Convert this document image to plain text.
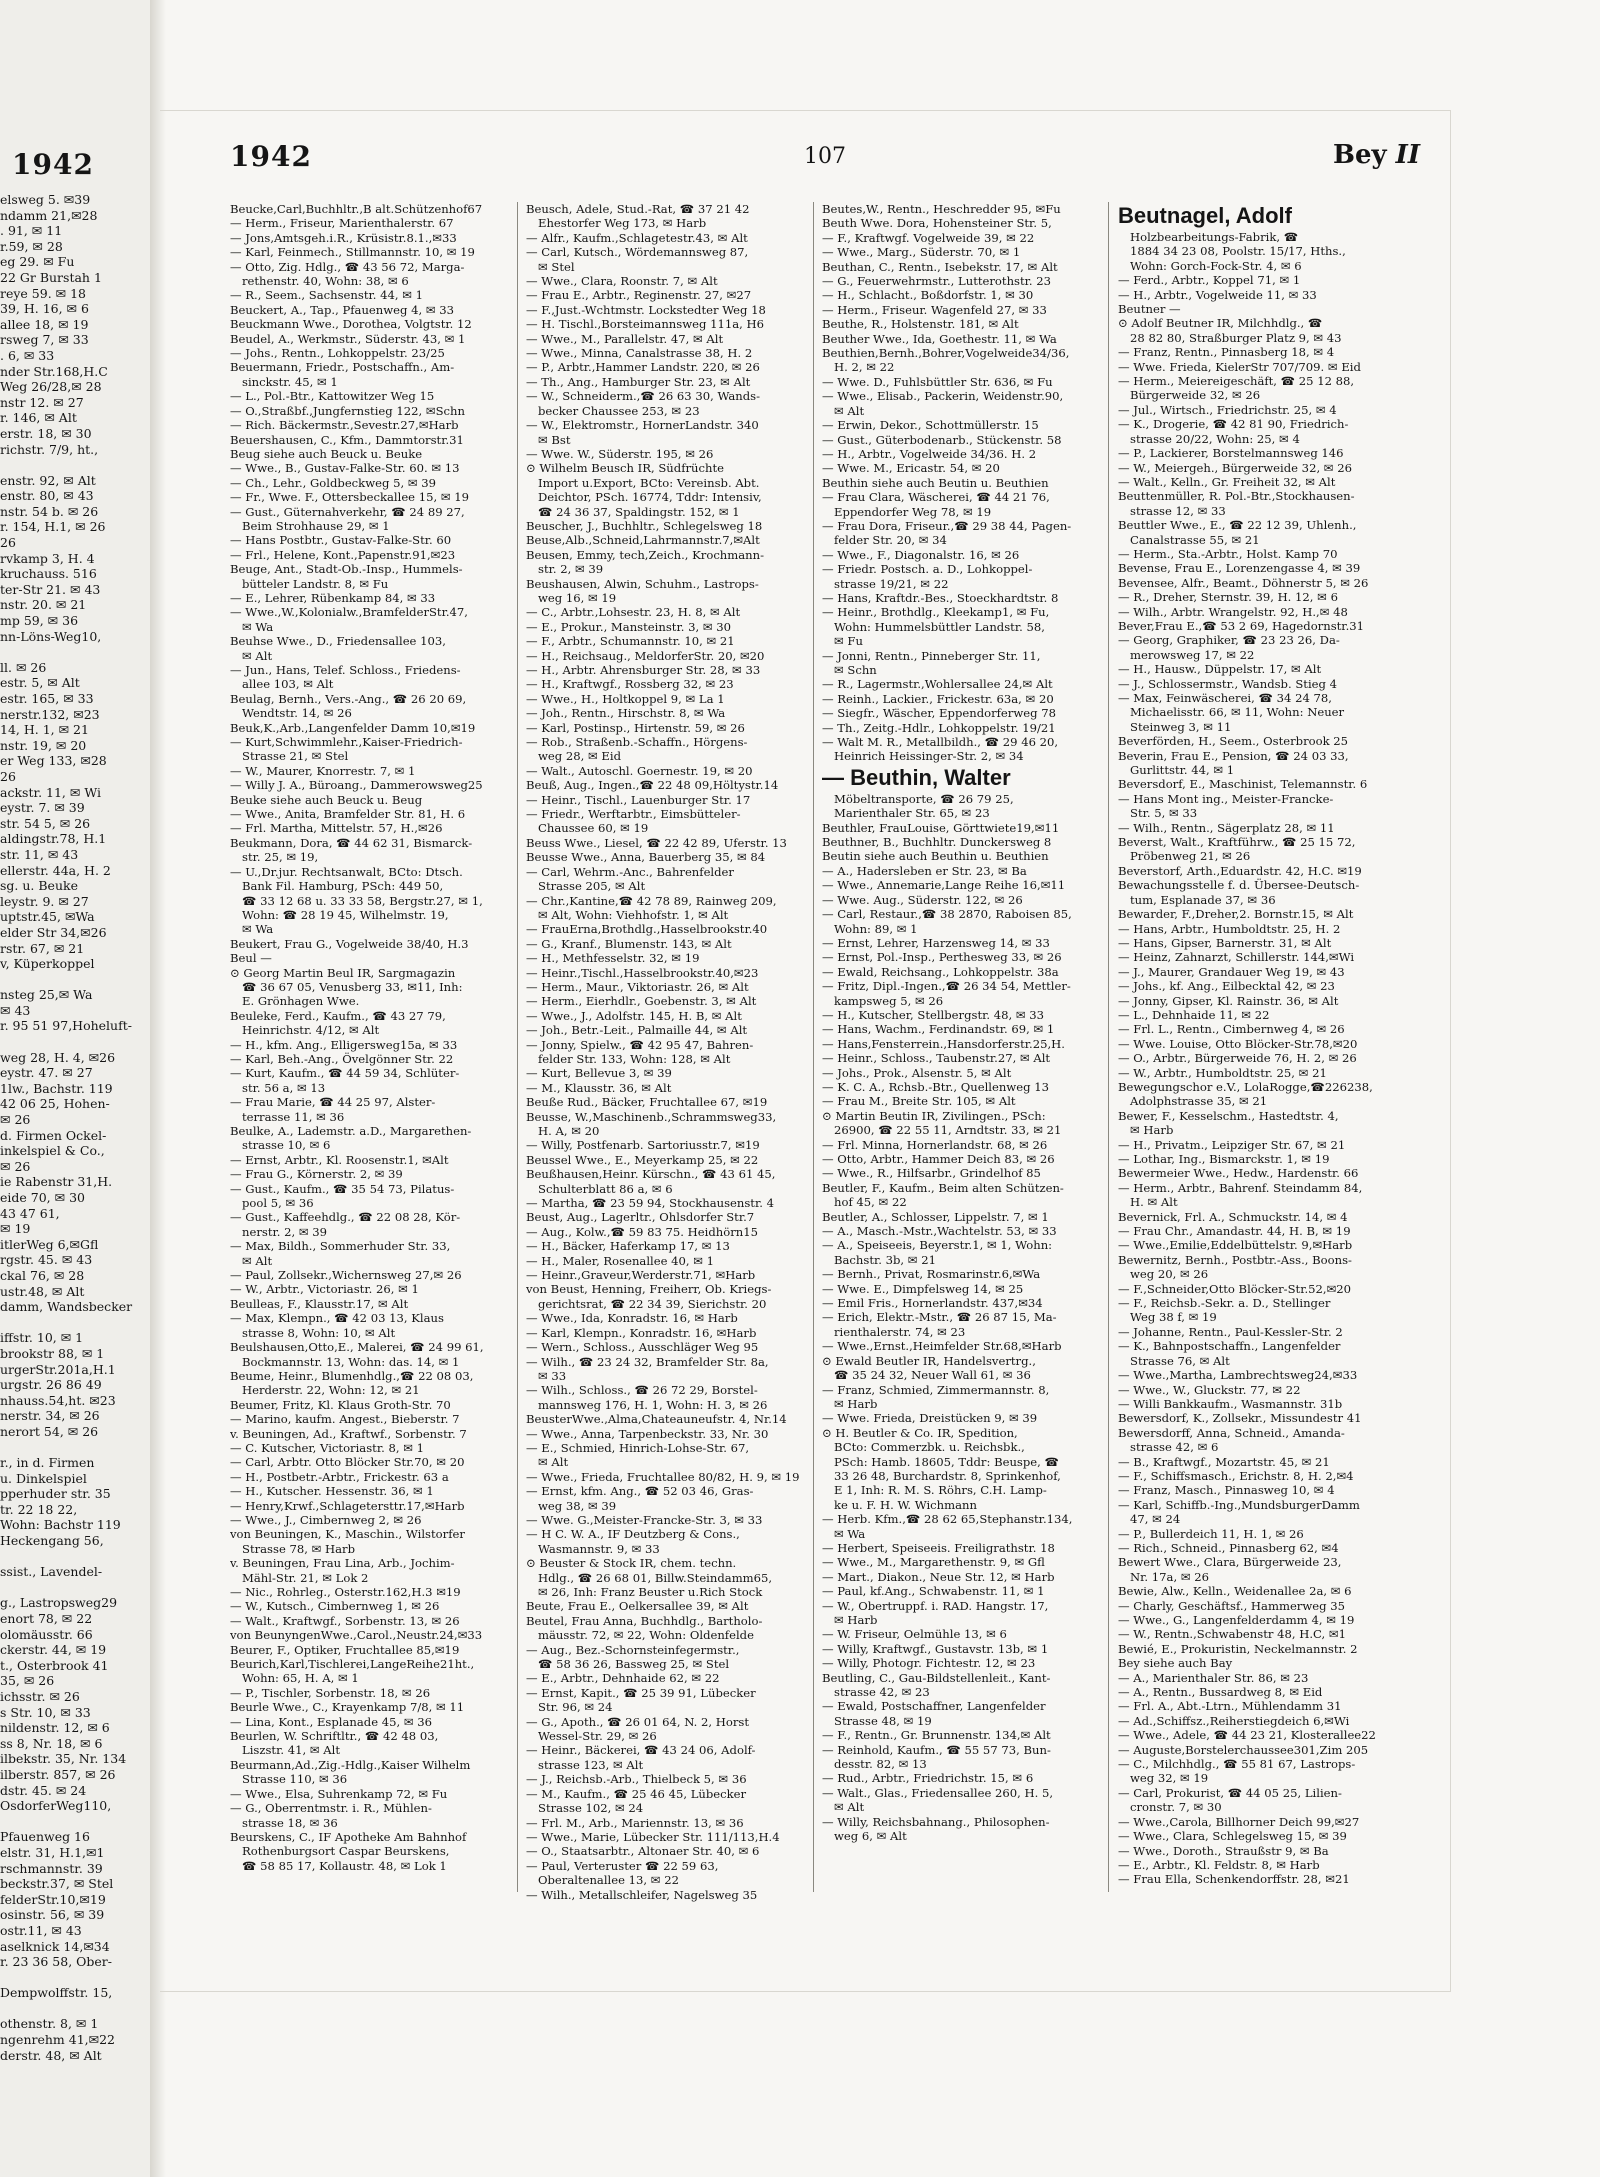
1942
elsweg 5. ✉39
ndamm 21,✉28
. 91, ✉ 11
r.59, ✉ 28
eg 29. ✉ Fu
22 Gr Burstah 1
reye 59. ✉ 18
39, H. 16, ✉ 6
allee 18, ✉ 19
rsweg 7, ✉ 33
. 6, ✉ 33
nder Str.168,H.C
Weg 26/28,✉ 28
nstr 12. ✉ 27
r. 146, ✉ Alt
erstr. 18, ✉ 30
richstr. 7/9, ht.,

enstr. 92, ✉ Alt
enstr. 80, ✉ 43
nstr. 54 b. ✉ 26
r. 154, H.1, ✉ 26
26
rvkamp 3, H. 4
kruchauss. 516
ter-Str 21. ✉ 43
nstr. 20. ✉ 21
mp 59, ✉ 36
nn-Löns-Weg10,

ll. ✉ 26
estr. 5, ✉ Alt
estr. 165, ✉ 33
nerstr.132, ✉23
14, H. 1, ✉ 21
nstr. 19, ✉ 20
er Weg 133, ✉28
26
ackstr. 11, ✉ Wi
eystr. 7. ✉ 39
str. 54 5, ✉ 26
aldingstr.78, H.1
str. 11, ✉ 43
ellerstr. 44a, H. 2
sg. u. Beuke
leystr. 9. ✉ 27
uptstr.45, ✉Wa
elder Str 34,✉26
rstr. 67, ✉ 21
v, Küperkoppel

nsteg 25,✉ Wa
✉ 43
r. 95 51 97,Hoheluft-

weg 28, H. 4, ✉26
eystr. 47. ✉ 27
1lw., Bachstr. 119
42 06 25, Hohen-
✉ 26
d. Firmen Ockel-
inkelspiel & Co.,
✉ 26
ie Rabenstr 31,H.
eide 70, ✉ 30
43 47 61,
✉ 19
itlerWeg 6,✉Gfl
rgstr. 45. ✉ 43
ckal 76, ✉ 28
ustr.48, ✉ Alt
damm, Wandsbecker

iffstr. 10, ✉ 1
brookstr 88, ✉ 1
urgerStr.201a,H.1
urgstr. 26 86 49
nhauss.54,ht. ✉23
nerstr. 34, ✉ 26
nerort 54, ✉ 26

r., in d. Firmen
u. Dinkelspiel
pperhuder str. 35
tr. 22 18 22,
Wohn: Bachstr 119
Heckengang 56,

ssist., Lavendel-

g., Lastropsweg29
enort 78, ✉ 22
olomäusstr. 66
ckerstr. 44, ✉ 19
t., Osterbrook 41
35, ✉ 26
ichsstr. ✉ 26
s Str. 10, ✉ 33
nildenstr. 12, ✉ 6
ss 8, Nr. 18, ✉ 6
ilbekstr. 35, Nr. 134
ilberstr. 857, ✉ 26
dstr. 45. ✉ 24
OsdorferWeg110,

Pfauenweg 16
elstr. 31, H.1,✉1
rschmannstr. 39
beckstr.37, ✉ Stel
felderStr.10,✉19
osinstr. 56, ✉ 39
ostr.11, ✉ 43
aselknick 14,✉34
r. 23 36 58, Ober-

Dempwolffstr. 15,

othenstr. 8, ✉ 1
ngenrehm 41,✉22
derstr. 48, ✉ Alt
1942	107	Bey II
Beucke,Carl,Buchhltr.,B alt.Schützenhof67
— Herm., Friseur, Marienthalerstr. 67
— Jons,Amtsgeh.i.R., Krüsistr.8.1.,✉33
— Karl, Feinmech., Stillmannstr. 10, ✉ 19
— Otto, Zig. Hdlg., ☎ 43 56 72, Marga-
rethenstr. 40, Wohn: 38, ✉ 6
— R., Seem., Sachsenstr. 44, ✉ 1
Beuckert, A., Tap., Pfauenweg 4, ✉ 33
Beuckmann Wwe., Dorothea, Volgtstr. 12
Beudel, A., Werkmstr., Süderstr. 43, ✉ 1
— Johs., Rentn., Lohkoppelstr. 23/25
Beuermann, Friedr., Postschaffn., Am-
sinckstr. 45, ✉ 1
— L., Pol.-Btr., Kattowitzer Weg 15
— O.,Straßbf.,Jungfernstieg 122, ✉Schn
— Rich. Bäckermstr.,Sevestr.27,✉Harb
Beuershausen, C., Kfm., Dammtorstr.31
Beug siehe auch Beuck u. Beuke
— Wwe., B., Gustav-Falke-Str. 60. ✉ 13
— Ch., Lehr., Goldbeckweg 5, ✉ 39
— Fr., Wwe. F., Ottersbeckallee 15, ✉ 19
— Gust., Güternahverkehr, ☎ 24 89 27,
Beim Strohhause 29, ✉ 1
— Hans Postbtr., Gustav-Falke-Str. 60
— Frl., Helene, Kont.,Papenstr.91,✉23
Beuge, Ant., Stadt-Ob.-Insp., Hummels-
bütteler Landstr. 8, ✉ Fu
— E., Lehrer, Rübenkamp 84, ✉ 33
— Wwe.,W.,Kolonialw.,BramfelderStr.47,
✉ Wa
Beuhse Wwe., D., Friedensallee 103,
✉ Alt
— Jun., Hans, Telef. Schloss., Friedens-
allee 103, ✉ Alt
Beulag, Bernh., Vers.-Ang., ☎ 26 20 69,
Wendtstr. 14, ✉ 26
Beuk,K.,Arb.,Langenfelder Damm 10,✉19
— Kurt,Schwimmlehr.,Kaiser-Friedrich-
Strasse 21, ✉ Stel
— W., Maurer, Knorrestr. 7, ✉ 1
— Willy J. A., Büroang., Dammerowsweg25
Beuke siehe auch Beuck u. Beug
— Wwe., Anita, Bramfelder Str. 81, H. 6
— Frl. Martha, Mittelstr. 57, H.,✉26
Beukmann, Dora, ☎ 44 62 31, Bismarck-
str. 25, ✉ 19,
— U.,Dr.jur. Rechtsanwalt, BCto: Dtsch.
Bank Fil. Hamburg, PSch: 449 50,
☎ 33 12 68 u. 33 33 58, Bergstr.27, ✉ 1,
Wohn: ☎ 28 19 45, Wilhelmstr. 19,
✉ Wa
Beukert, Frau G., Vogelweide 38/40, H.3
Beul —
⊙ Georg Martin Beul IR, Sargmagazin
☎ 36 67 05, Venusberg 33, ✉11, Inh:
E. Grönhagen Wwe.
Beuleke, Ferd., Kaufm., ☎ 43 27 79,
Heinrichstr. 4/12, ✉ Alt
— H., kfm. Ang., Elligersweg15a, ✉ 33
— Karl, Beh.-Ang., Övelgönner Str. 22
— Kurt, Kaufm., ☎ 44 59 34, Schlüter-
str. 56 a, ✉ 13
— Frau Marie, ☎ 44 25 97, Alster-
terrasse 11, ✉ 36
Beulke, A., Lademstr. a.D., Margarethen-
strasse 10, ✉ 6
— Ernst, Arbtr., Kl. Roosenstr.1, ✉Alt
— Frau G., Körnerstr. 2, ✉ 39
— Gust., Kaufm., ☎ 35 54 73, Pilatus-
pool 5, ✉ 36
— Gust., Kaffeehdlg., ☎ 22 08 28, Kör-
nerstr. 2, ✉ 39
— Max, Bildh., Sommerhuder Str. 33,
✉ Alt
— Paul, Zollsekr.,Wichernsweg 27,✉ 26
— W., Arbtr., Victoriastr. 26, ✉ 1
Beulleas, F., Klausstr.17, ✉ Alt
— Max, Klempn., ☎ 42 03 13, Klaus
strasse 8, Wohn: 10, ✉ Alt
Beulshausen,Otto,E., Malerei, ☎ 24 99 61,
Bockmannstr. 13, Wohn: das. 14, ✉ 1
Beume, Heinr., Blumenhdlg.,☎ 22 08 03,
Herderstr. 22, Wohn: 12, ✉ 21
Beumer, Fritz, Kl. Klaus Groth-Str. 70
— Marino, kaufm. Angest., Bieberstr. 7
v. Beuningen, Ad., Kraftwf., Sorbenstr. 7
— C. Kutscher, Victoriastr. 8, ✉ 1
— Carl, Arbtr. Otto Blöcker Str.70, ✉ 20
— H., Postbetr.-Arbtr., Frickestr. 63 a
— H., Kutscher. Hessenstr. 36, ✉ 1
— Henry,Krwf.,Schlagetersttr.17,✉Harb
— Wwe., J., Cimbernweg 2, ✉ 26
von Beuningen, K., Maschin., Wilstorfer
Strasse 78, ✉ Harb
v. Beuningen, Frau Lina, Arb., Jochim-
Mähl-Str. 21, ✉ Lok 2
— Nic., Rohrleg., Osterstr.162,H.3 ✉19
— W., Kutsch., Cimbernweg 1, ✉ 26
— Walt., Kraftwgf., Sorbenstr. 13, ✉ 26
von BeunyngenWwe.,Carol.,Neustr.24,✉33
Beurer, F., Optiker, Fruchtallee 85,✉19
Beurich,Karl,Tischlerei,LangeReihe21ht.,
Wohn: 65, H. A, ✉ 1
— P., Tischler, Sorbenstr. 18, ✉ 26
Beurle Wwe., C., Krayenkamp 7/8, ✉ 11
— Lina, Kont., Esplanade 45, ✉ 36
Beurlen, W. Schriftltr., ☎ 42 48 03,
Liszstr. 41, ✉ Alt
Beurmann,Ad.,Zig.-Hdlg.,Kaiser Wilhelm
Strasse 110, ✉ 36
— Wwe., Elsa, Suhrenkamp 72, ✉ Fu
— G., Oberrentmstr. i. R., Mühlen-
strasse 18, ✉ 36
Beurskens, C., IF Apotheke Am Bahnhof
Rothenburgsort Caspar Beurskens,
☎ 58 85 17, Kollaustr. 48, ✉ Lok 1
Beusch, Adele, Stud.-Rat, ☎ 37 21 42
Ehestorfer Weg 173, ✉ Harb
— Alfr., Kaufm.,Schlagetestr.43, ✉ Alt
— Carl, Kutsch., Wördemannsweg 87,
✉ Stel
— Wwe., Clara, Roonstr. 7, ✉ Alt
— Frau E., Arbtr., Reginenstr. 27, ✉27
— F.,Just.-Wchtmstr. Lockstedter Weg 18
— H. Tischl.,Borsteimannsweg 111a, H6
— Wwe., M., Parallelstr. 47, ✉ Alt
— Wwe., Minna, Canalstrasse 38, H. 2
— P., Arbtr.,Hammer Landstr. 220, ✉ 26
— Th., Ang., Hamburger Str. 23, ✉ Alt
— W., Schneiderm.,☎ 26 63 30, Wands-
becker Chaussee 253, ✉ 23
— W., Elektromstr., HornerLandstr. 340
✉ Bst
— Wwe. W., Süderstr. 195, ✉ 26
⊙ Wilhelm Beusch IR, Südfrüchte
Import u.Export, BCto: Vereinsb. Abt.
Deichtor, PSch. 16774, Tddr: Intensiv,
☎ 24 36 37, Spaldingstr. 152, ✉ 1
Beuscher, J., Buchhltr., Schlegelsweg 18
Beuse,Alb.,Schneid,Lahrmannstr.7,✉Alt
Beusen, Emmy, tech,Zeich., Krochmann-
str. 2, ✉ 39
Beushausen, Alwin, Schuhm., Lastrops-
weg 16, ✉ 19
— C., Arbtr.,Lohsestr. 23, H. 8, ✉ Alt
— E., Prokur., Mansteinstr. 3, ✉ 30
— F., Arbtr., Schumannstr. 10, ✉ 21
— H., Reichsaug., MeldorferStr. 20, ✉20
— H., Arbtr. Ahrensburger Str. 28, ✉ 33
— H., Kraftwgf., Rossberg 32, ✉ 23
— Wwe., H., Holtkoppel 9, ✉ La 1
— Joh., Rentn., Hirschstr. 8, ✉ Wa
— Karl, Postinsp., Hirtenstr. 59, ✉ 26
— Rob., Straßenb.-Schaffn., Hörgens-
weg 28, ✉ Eid
— Walt., Autoschl. Goernestr. 19, ✉ 20
Beuß, Aug., Ingen.,☎ 22 48 09,Höltystr.14
— Heinr., Tischl., Lauenburger Str. 17
— Friedr., Werftarbtr., Eimsbütteler-
Chaussee 60, ✉ 19
Beuss Wwe., Liesel, ☎ 22 42 89, Uferstr. 13
Beusse Wwe., Anna, Bauerberg 35, ✉ 84
— Carl, Wehrm.-Anc., Bahrenfelder
Strasse 205, ✉ Alt
— Chr.,Kantine,☎ 42 78 89, Rainweg 209,
✉ Alt, Wohn: Viehhofstr. 1, ✉ Alt
— FrauErna,Brothdlg.,Hasselbrookstr.40
— G., Kranf., Blumenstr. 143, ✉ Alt
— H., Methfesselstr. 32, ✉ 19
— Heinr.,Tischl.,Hasselbrookstr.40,✉23
— Herm., Maur., Viktoriastr. 26, ✉ Alt
— Herm., Eierhdlr., Goebenstr. 3, ✉ Alt
— Wwe., J., Adolfstr. 145, H. B, ✉ Alt
— Joh., Betr.-Leit., Palmaille 44, ✉ Alt
— Jonny, Spielw., ☎ 42 95 47, Bahren-
felder Str. 133, Wohn: 128, ✉ Alt
— Kurt, Bellevue 3, ✉ 39
— M., Klausstr. 36, ✉ Alt
Beuße Rud., Bäcker, Fruchtallee 67, ✉19
Beusse, W.,Maschinenb.,Schrammsweg33,
H. A, ✉ 20
— Willy, Postfenarb. Sartoriusstr.7, ✉19
Beussel Wwe., E., Meyerkamp 25, ✉ 22
Beußhausen,Heinr. Kürschn., ☎ 43 61 45,
Schulterblatt 86 a, ✉ 6
— Martha, ☎ 23 59 94, Stockhausenstr. 4
Beust, Aug., Lagerltr., Ohlsdorfer Str.7
— Aug., Kolw.,☎ 59 83 75. Heidhörn15
— H., Bäcker, Haferkamp 17, ✉ 13
— H., Maler, Rosenallee 40, ✉ 1
— Heinr.,Graveur,Werderstr.71, ✉Harb
von Beust, Henning, Freiherr, Ob. Kriegs-
gerichtsrat, ☎ 22 34 39, Sierichstr. 20
— Wwe., Ida, Konradstr. 16, ✉ Harb
— Karl, Klempn., Konradstr. 16, ✉Harb
— Wern., Schloss., Ausschläger Weg 95
— Wilh., ☎ 23 24 32, Bramfelder Str. 8a,
✉ 33
— Wilh., Schloss., ☎ 26 72 29, Borstel-
mannsweg 176, H. 1, Wohn: H. 3, ✉ 26
BeusterWwe.,Alma,Chateauneufstr. 4, Nr.14
— Wwe., Anna, Tarpenbeckstr. 33, Nr. 30
— E., Schmied, Hinrich-Lohse-Str. 67,
✉ Alt
— Wwe., Frieda, Fruchtallee 80/82, H. 9, ✉ 19
— Ernst, kfm. Ang., ☎ 52 03 46, Gras-
weg 38, ✉ 39
— Wwe. G.,Meister-Francke-Str. 3, ✉ 33
— H C. W. A., IF Deutzberg & Cons.,
Wasmannstr. 9, ✉ 33
⊙ Beuster & Stock IR, chem. techn.
Hdlg., ☎ 26 68 01, Billw.Steindamm65,
✉ 26, Inh: Franz Beuster u.Rich Stock
Beute, Frau E., Oelkersallee 39, ✉ Alt
Beutel, Frau Anna, Buchhdlg., Bartholo-
mäusstr. 72, ✉ 22, Wohn: Oldenfelde
— Aug., Bez.-Schornsteinfegermstr.,
☎ 58 36 26, Bassweg 25, ✉ Stel
— E., Arbtr., Dehnhaide 62, ✉ 22
— Ernst, Kapit., ☎ 25 39 91, Lübecker
Str. 96, ✉ 24
— G., Apoth., ☎ 26 01 64, N. 2, Horst
Wessel-Str. 29, ✉ 26
— Heinr., Bäckerei, ☎ 43 24 06, Adolf-
strasse 123, ✉ Alt
— J., Reichsb.-Arb., Thielbeck 5, ✉ 36
— M., Kaufm., ☎ 25 46 45, Lübecker
Strasse 102, ✉ 24
— Frl. M., Arb., Mariennstr. 13, ✉ 36
— Wwe., Marie, Lübecker Str. 111/113,H.4
— O., Staatsarbtr., Altonaer Str. 40, ✉ 6
— Paul, Verteruster ☎ 22 59 63,
Oberaltenallee 13, ✉ 22
— Wilh., Metallschleifer, Nagelsweg 35
Beutes,W., Rentn., Heschredder 95, ✉Fu
Beuth Wwe. Dora, Hohensteiner Str. 5,
— F., Kraftwgf. Vogelweide 39, ✉ 22
— Wwe., Marg., Süderstr. 70, ✉ 1
Beuthan, C., Rentn., Isebekstr. 17, ✉ Alt
— G., Feuerwehrmstr., Lutterothstr. 23
— H., Schlacht., Boßdorfstr. 1, ✉ 30
— Herm., Friseur. Wagenfeld 27, ✉ 33
Beuthe, R., Holstenstr. 181, ✉ Alt
Beuther Wwe., Ida, Goethestr. 11, ✉ Wa
Beuthien,Bernh.,Bohrer,Vogelweide34/36,
H. 2, ✉ 22
— Wwe. D., Fuhlsbüttler Str. 636, ✉ Fu
— Wwe., Elisab., Packerin, Weidenstr.90,
✉ Alt
— Erwin, Dekor., Schottmüllerstr. 15
— Gust., Güterbodenarb., Stückenstr. 58
— H., Arbtr., Vogelweide 34/36. H. 2
— Wwe. M., Ericastr. 54, ✉ 20
Beuthin siehe auch Beutin u. Beuthien
— Frau Clara, Wäscherei, ☎ 44 21 76,
Eppendorfer Weg 78, ✉ 19
— Frau Dora, Friseur.,☎ 29 38 44, Pagen-
felder Str. 20, ✉ 34
— Wwe., F., Diagonalstr. 16, ✉ 26
— Friedr. Postsch. a. D., Lohkoppel-
strasse 19/21, ✉ 22
— Hans, Kraftdr.-Bes., Stoeckhardtstr. 8
— Heinr., Brothdlg., Kleekamp1, ✉ Fu,
Wohn: Hummelsbüttler Landstr. 58,
✉ Fu
— Jonni, Rentn., Pinneberger Str. 11,
✉ Schn
— R., Lagermstr.,Wohlersallee 24,✉ Alt
— Reinh., Lackier., Frickestr. 63a, ✉ 20
— Siegfr., Wäscher, Eppendorferweg 78
— Th., Zeitg.-Hdlr., Lohkoppelstr. 19/21
— Walt M. R., Metallbildh., ☎ 29 46 20,
Heinrich Heissinger-Str. 2, ✉ 34
— Beuthin, Walter
Möbeltransporte, ☎ 26 79 25,
Marienthaler Str. 65, ✉ 23
Beuthler, FrauLouise, Görttwiete19,✉11
Beuthner, B., Buchhltr. Dunckersweg 8
Beutin siehe auch Beuthin u. Beuthien
— A., Hadersleben er Str. 23, ✉ Ba
— Wwe., Annemarie,Lange Reihe 16,✉11
— Wwe. Aug., Süderstr. 122, ✉ 26
— Carl, Restaur.,☎ 38 2870, Raboisen 85,
Wohn: 89, ✉ 1
— Ernst, Lehrer, Harzensweg 14, ✉ 33
— Ernst, Pol.-Insp., Perthesweg 33, ✉ 26
— Ewald, Reichsang., Lohkoppelstr. 38a
— Fritz, Dipl.-Ingen.,☎ 26 34 54, Mettler-
kampsweg 5, ✉ 26
— H., Kutscher, Stellbergstr. 48, ✉ 33
— Hans, Wachm., Ferdinandstr. 69, ✉ 1
— Hans,Fensterrein.,Hansdorferstr.25,H.
— Heinr., Schloss., Taubenstr.27, ✉ Alt
— Johs., Prok., Alsenstr. 5, ✉ Alt
— K. C. A., Rchsb.-Btr., Quellenweg 13
— Frau M., Breite Str. 105, ✉ Alt
⊙ Martin Beutin IR, Zivilingen., PSch:
26900, ☎ 22 55 11, Arndtstr. 33, ✉ 21
— Frl. Minna, Hornerlandstr. 68, ✉ 26
— Otto, Arbtr., Hammer Deich 83, ✉ 26
— Wwe., R., Hilfsarbr., Grindelhof 85
Beutler, F., Kaufm., Beim alten Schützen-
hof 45, ✉ 22
Beutler, A., Schlosser, Lippelstr. 7, ✉ 1
— A., Masch.-Mstr.,Wachtelstr. 53, ✉ 33
— A., Speiseeis, Beyerstr.1, ✉ 1, Wohn:
Bachstr. 3b, ✉ 21
— Bernh., Privat, Rosmarinstr.6,✉Wa
— Wwe. E., Dimpfelsweg 14, ✉ 25
— Emil Fris., Hornerlandstr. 437,✉34
— Erich, Elektr.-Mstr., ☎ 26 87 15, Ma-
rienthalerstr. 74, ✉ 23
— Wwe.,Ernst.,Heimfelder Str.68,✉Harb
⊙ Ewald Beutler IR, Handelsvertrg.,
☎ 35 24 32, Neuer Wall 61, ✉ 36
— Franz, Schmied, Zimmermannstr. 8,
✉ Harb
— Wwe. Frieda, Dreistücken 9, ✉ 39
⊙ H. Beutler & Co. IR, Spedition,
BCto: Commerzbk. u. Reichsbk.,
PSch: Hamb. 18605, Tddr: Beuspe, ☎
33 26 48, Burchardstr. 8, Sprinkenhof,
E 1, Inh: R. M. S. Röhrs, C.H. Lamp-
ke u. F. H. W. Wichmann
— Herb. Kfm.,☎ 28 62 65,Stephanstr.134,
✉ Wa
— Herbert, Speiseeis. Freiligrathstr. 18
— Wwe., M., Margarethenstr. 9, ✉ Gfl
— Mart., Diakon., Neue Str. 12, ✉ Harb
— Paul, kf.Ang., Schwabenstr. 11, ✉ 1
— W., Obertruppf. i. RAD. Hangstr. 17,
✉ Harb
— W. Friseur, Oelmühle 13, ✉ 6
— Willy, Kraftwgf., Gustavstr. 13b, ✉ 1
— Willy, Photogr. Fichtestr. 12, ✉ 23
Beutling, C., Gau-Bildstellenleit., Kant-
strasse 42, ✉ 23
— Ewald, Postschaffner, Langenfelder
Strasse 48, ✉ 19
— F., Rentn., Gr. Brunnenstr. 134,✉ Alt
— Reinhold, Kaufm., ☎ 55 57 73, Bun-
desstr. 82, ✉ 13
— Rud., Arbtr., Friedrichstr. 15, ✉ 6
— Walt., Glas., Friedensallee 260, H. 5,
✉ Alt
— Willy, Reichsbahnang., Philosophen-
weg 6, ✉ Alt
Beutnagel, Adolf
Holzbearbeitungs-Fabrik, ☎
1884 34 23 08, Poolstr. 15/17, Hths.,
Wohn: Gorch-Fock-Str. 4, ✉ 6
— Ferd., Arbtr., Koppel 71, ✉ 1
— H., Arbtr., Vogelweide 11, ✉ 33
Beutner —
⊙ Adolf Beutner IR, Milchhdlg., ☎
28 82 80, Straßburger Platz 9, ✉ 43
— Franz, Rentn., Pinnasberg 18, ✉ 4
— Wwe. Frieda, KielerStr 707/709. ✉ Eid
— Herm., Meiereigeschäft, ☎ 25 12 88,
Bürgerweide 32, ✉ 26
— Jul., Wirtsch., Friedrichstr. 25, ✉ 4
— K., Drogerie, ☎ 42 81 90, Friedrich-
strasse 20/22, Wohn: 25, ✉ 4
— P., Lackierer, Borstelmannsweg 146
— W., Meiergeh., Bürgerweide 32, ✉ 26
— Walt., Kelln., Gr. Freiheit 32, ✉ Alt
Beuttenmüller, R. Pol.-Btr.,Stockhausen-
strasse 12, ✉ 33
Beuttler Wwe., E., ☎ 22 12 39, Uhlenh.,
Canalstrasse 55, ✉ 21
— Herm., Sta.-Arbtr., Holst. Kamp 70
Bevense, Frau E., Lorenzengasse 4, ✉ 39
Bevensee, Alfr., Beamt., Döhnerstr 5, ✉ 26
— R., Dreher, Sternstr. 39, H. 12, ✉ 6
— Wilh., Arbtr. Wrangelstr. 92, H.,✉ 48
Bever,Frau E.,☎ 53 2 69, Hagedornstr.31
— Georg, Graphiker, ☎ 23 23 26, Da-
merowsweg 17, ✉ 22
— H., Hausw., Düppelstr. 17, ✉ Alt
— J., Schlossermstr., Wandsb. Stieg 4
— Max, Feinwäscherei, ☎ 34 24 78,
Michaelisstr. 66, ✉ 11, Wohn: Neuer
Steinweg 3, ✉ 11
Beverförden, H., Seem., Osterbrook 25
Beverin, Frau E., Pension, ☎ 24 03 33,
Gurlittstr. 44, ✉ 1
Beversdorf, E., Maschinist, Telemannstr. 6
— Hans Mont ing., Meister-Francke-
Str. 5, ✉ 33
— Wilh., Rentn., Sägerplatz 28, ✉ 11
Beverst, Walt., Kraftführw., ☎ 25 15 72,
Pröbenweg 21, ✉ 26
Beverstorf, Arth.,Eduardstr. 42, H.C. ✉19
Bewachungsstelle f. d. Übersee-Deutsch-
tum, Esplanade 37, ✉ 36
Bewarder, F.,Dreher,2. Bornstr.15, ✉ Alt
— Hans, Arbtr., Humboldtstr. 25, H. 2
— Hans, Gipser, Barnerstr. 31, ✉ Alt
— Heinz, Zahnarzt, Schillerstr. 144,✉Wi
— J., Maurer, Grandauer Weg 19, ✉ 43
— Johs., kf. Ang., Eilbecktal 42, ✉ 23
— Jonny, Gipser, Kl. Rainstr. 36, ✉ Alt
— L., Dehnhaide 11, ✉ 22
— Frl. L., Rentn., Cimbernweg 4, ✉ 26
— Wwe. Louise, Otto Blöcker-Str.78,✉20
— O., Arbtr., Bürgerweide 76, H. 2, ✉ 26
— W., Arbtr., Humboldtstr. 25, ✉ 21
Bewegungschor e.V., LolaRogge,☎226238,
Adolphstrasse 35, ✉ 21
Bewer, F., Kesselschm., Hastedtstr. 4,
✉ Harb
— H., Privatm., Leipziger Str. 67, ✉ 21
— Lothar, Ing., Bismarckstr. 1, ✉ 19
Bewermeier Wwe., Hedw., Hardenstr. 66
— Herm., Arbtr., Bahrenf. Steindamm 84,
H. ✉ Alt
Bevernick, Frl. A., Schmuckstr. 14, ✉ 4
— Frau Chr., Amandastr. 44, H. B, ✉ 19
— Wwe.,Emilie,Eddelbüttelstr. 9,✉Harb
Bewernitz, Bernh., Postbtr.-Ass., Boons-
weg 20, ✉ 26
— F.,Schneider,Otto Blöcker-Str.52,✉20
— F., Reichsb.-Sekr. a. D., Stellinger
Weg 38 f, ✉ 19
— Johanne, Rentn., Paul-Kessler-Str. 2
— K., Bahnpostschaffn., Langenfelder
Strasse 76, ✉ Alt
— Wwe.,Martha, Lambrechtsweg24,✉33
— Wwe., W., Gluckstr. 77, ✉ 22
— Willi Bankkaufm., Wasmannstr. 31b
Bewersdorf, K., Zollsekr., Missundestr 41
Bewersdorff, Anna, Schneid., Amanda-
strasse 42, ✉ 6
— B., Kraftwgf., Mozartstr. 45, ✉ 21
— F., Schiffsmasch., Erichstr. 8, H. 2,✉4
— Franz, Masch., Pinnasweg 10, ✉ 4
— Karl, Schiffb.-Ing.,MundsburgerDamm
47, ✉ 24
— P., Bullerdeich 11, H. 1, ✉ 26
— Rich., Schneid., Pinnasberg 62, ✉4
Bewert Wwe., Clara, Bürgerweide 23,
Nr. 17a, ✉ 26
Bewie, Alw., Kelln., Weidenallee 2a, ✉ 6
— Charly, Geschäftsf., Hammerweg 35
— Wwe., G., Langenfelderdamm 4, ✉ 19
— W., Rentn.,Schwabenstr 48, H.C, ✉1
Bewié, E., Prokuristin, Neckelmannstr. 2
Bey siehe auch Bay
— A., Marienthaler Str. 86, ✉ 23
— A., Rentn., Bussardweg 8, ✉ Eid
— Frl. A., Abt.-Ltrn., Mühlendamm 31
— Ad.,Schiffsz.,Reiherstiegdeich 6,✉Wi
— Wwe., Adele, ☎ 44 23 21, Klosterallee22
— Auguste,Borstelerchaussee301,Zim 205
— C., Milchhdlg., ☎ 55 81 67, Lastrops-
weg 32, ✉ 19
— Carl, Prokurist, ☎ 44 05 25, Lilien-
cronstr. 7, ✉ 30
— Wwe.,Carola, Billhorner Deich 99,✉27
— Wwe., Clara, Schlegelsweg 15, ✉ 39
— Wwe., Doroth., Straußstr 9, ✉ Ba
— E., Arbtr., Kl. Feldstr. 8, ✉ Harb
— Frau Ella, Schenkendorffstr. 28, ✉21
